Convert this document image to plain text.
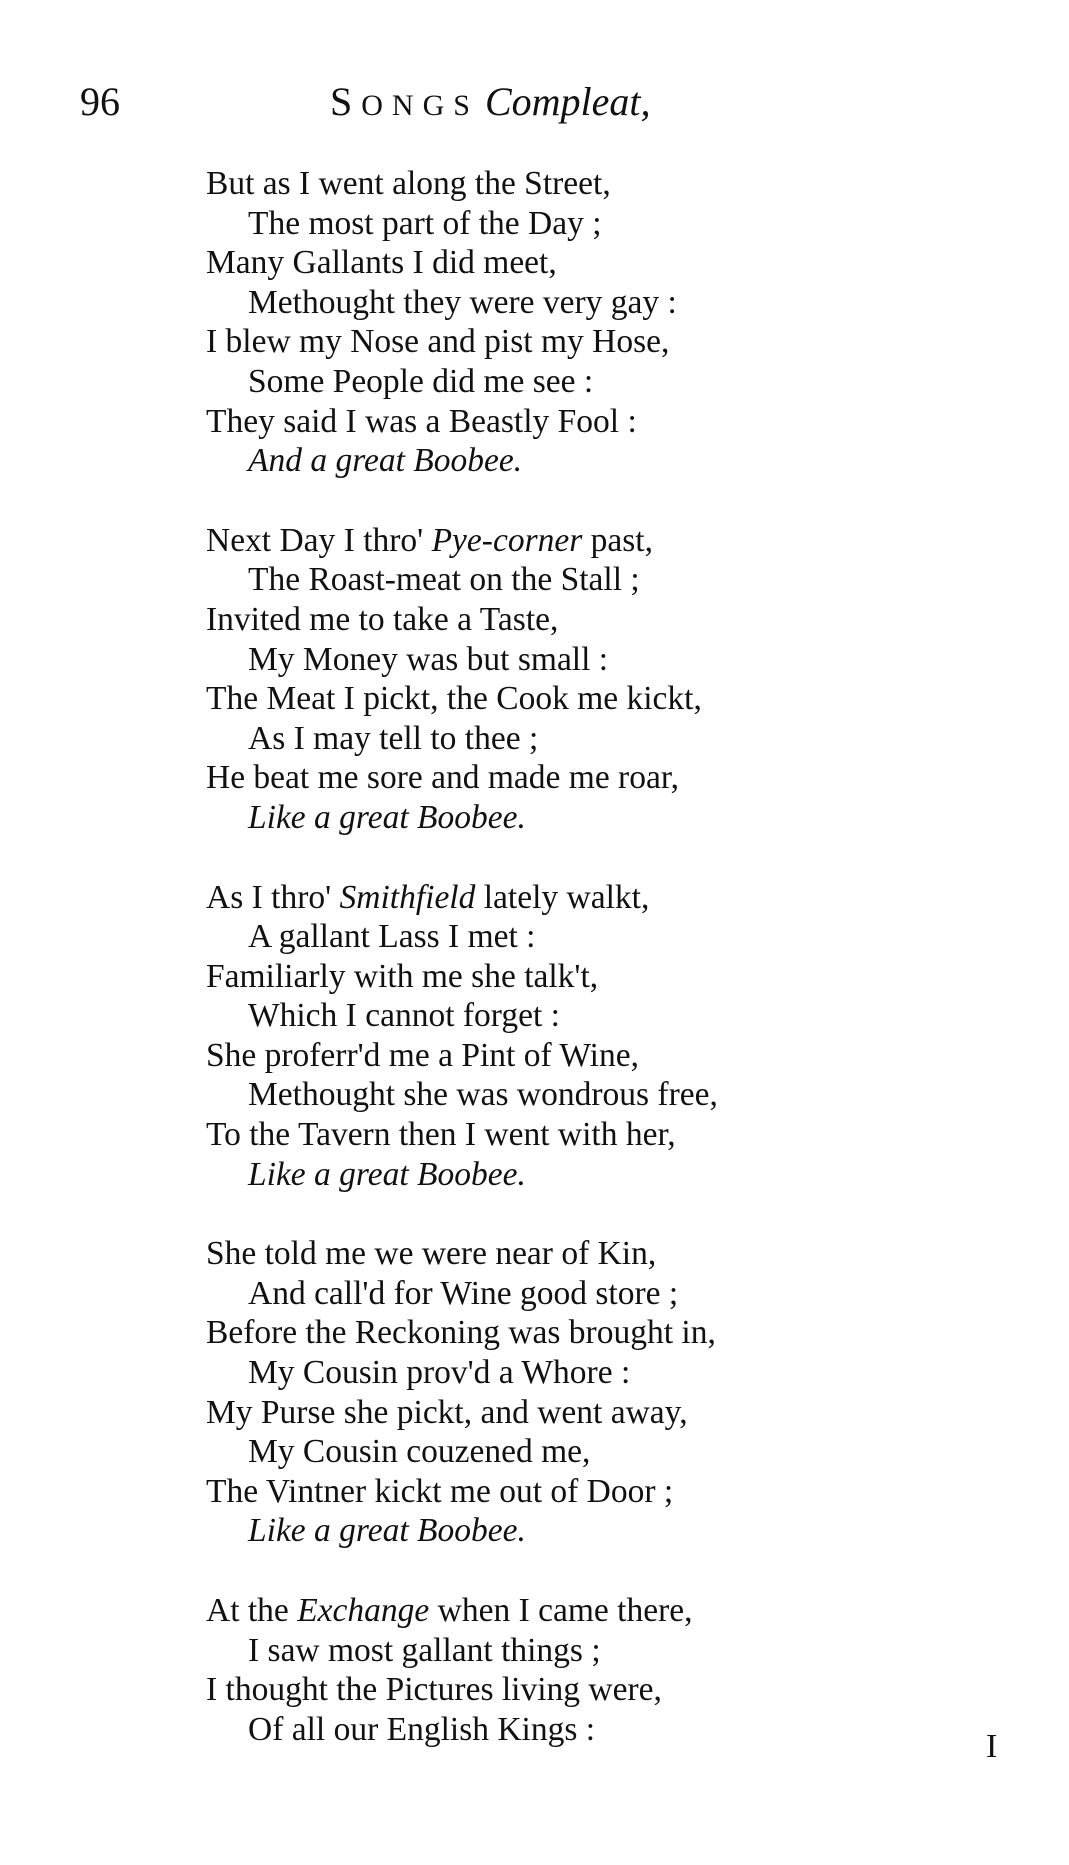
96	SONGS Compleat,
But as I went along the Street,
The most part of the Day ;
Many Gallants I did meet,
Methought they were very gay :
I blew my Nose and pist my Hose,
Some People did me see :
They said I was a Beastly Fool :
And a great Boobee.
Next Day I thro' Pye-corner past,
The Roast-meat on the Stall ;
Invited me to take a Taste,
My Money was but small :
The Meat I pickt, the Cook me kickt,
As I may tell to thee ;
He beat me sore and made me roar,
Like a great Boobee.
As I thro' Smithfield lately walkt,
A gallant Lass I met :
Familiarly with me she talk't,
Which I cannot forget :
She proferr'd me a Pint of Wine,
Methought she was wondrous free,
To the Tavern then I went with her,
Like a great Boobee.
She told me we were near of Kin,
And call'd for Wine good store ;
Before the Reckoning was brought in,
My Cousin prov'd a Whore :
My Purse she pickt, and went away,
My Cousin couzened me,
The Vintner kickt me out of Door ;
Like a great Boobee.
At the Exchange when I came there,
I saw most gallant things ;
I thought the Pictures living were,
Of all our English Kings :	I
